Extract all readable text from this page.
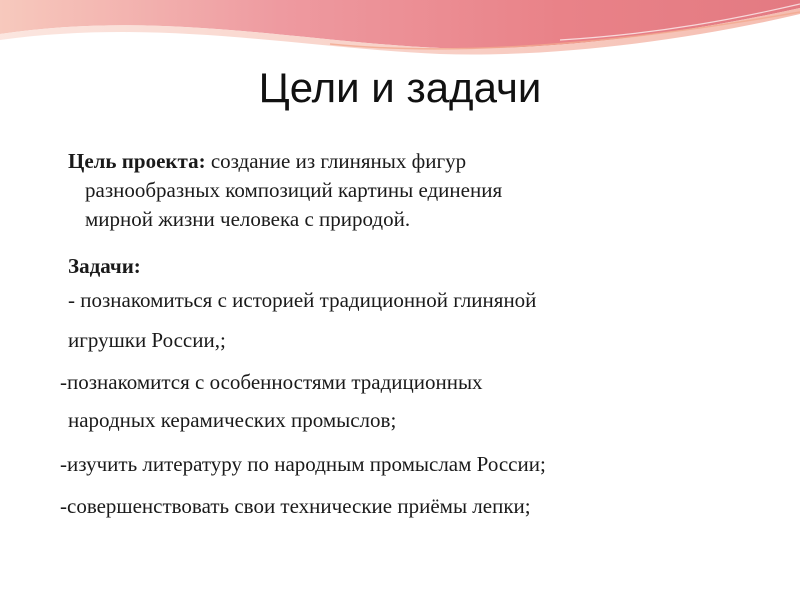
Цели и задачи
Цель проекта: создание из глиняных фигур
разнообразных композиций картины единения
мирной жизни человека с природой.
Задачи:
- познакомиться с историей традиционной глиняной
игрушки России,;
-познакомится с особенностями традиционных
народных керамических промыслов;
-изучить литературу по народным промыслам России;
-совершенствовать свои технические приёмы лепки;
